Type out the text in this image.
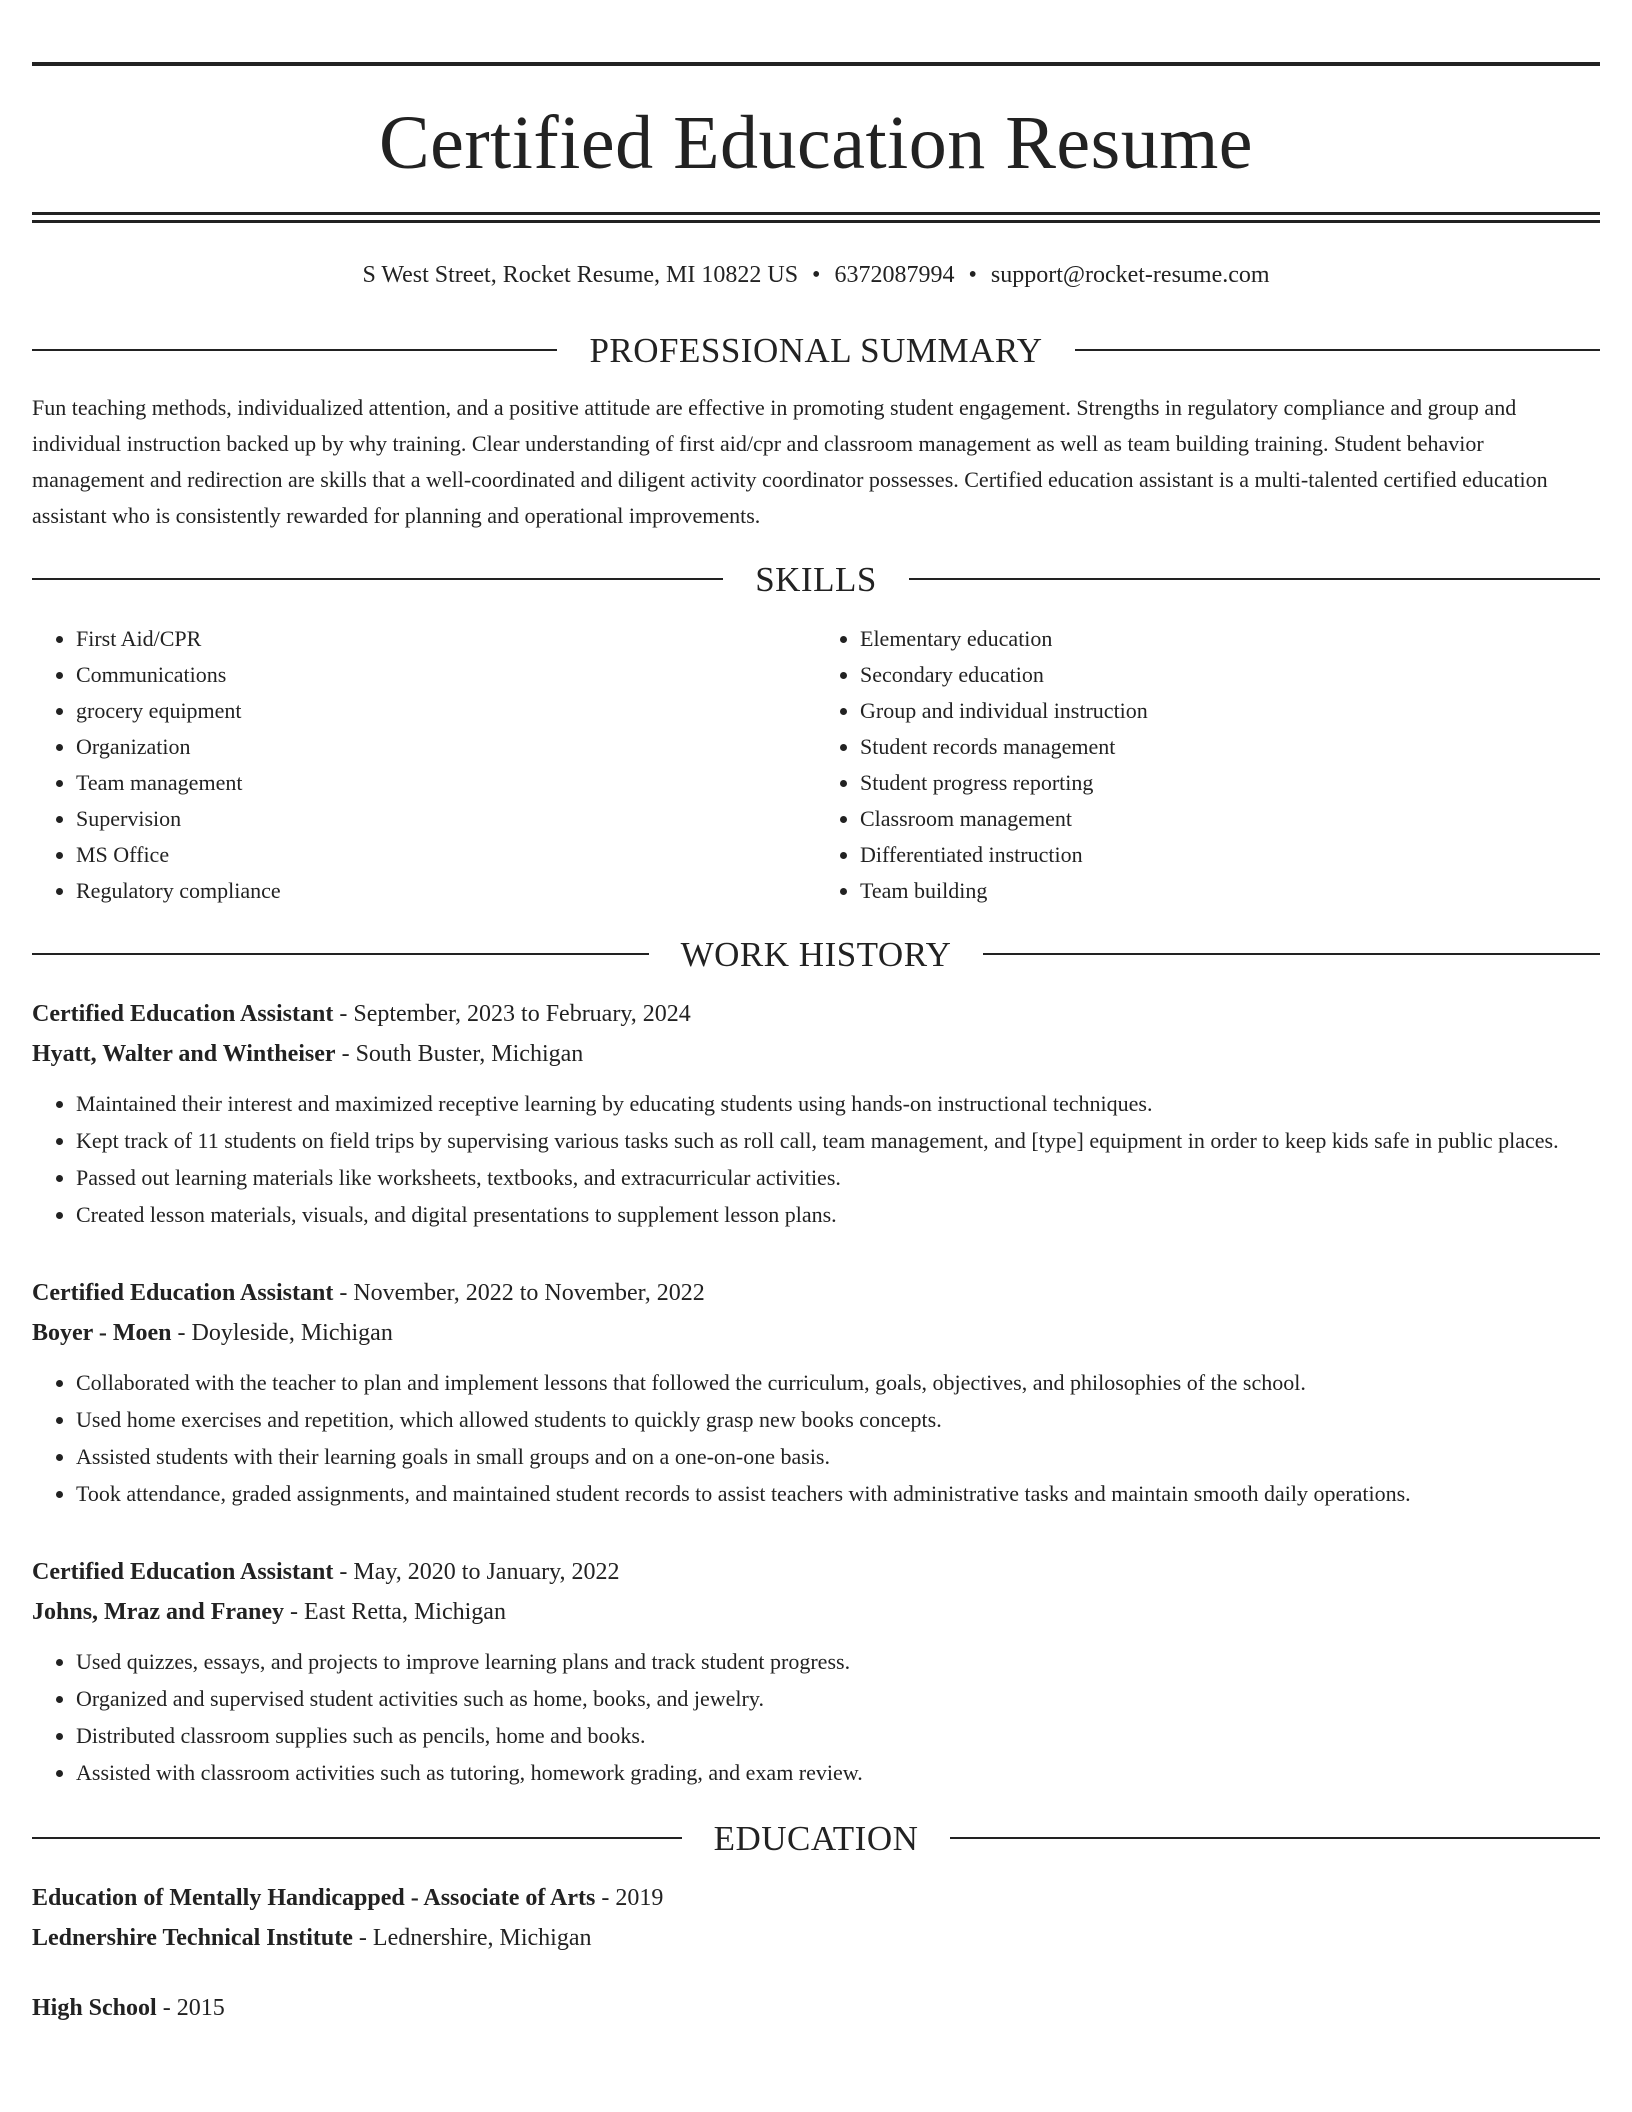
Certified Education Resume
S West Street, Rocket Resume, MI 10822 US • 6372087994 • support@rocket-resume.com
PROFESSIONAL SUMMARY

Fun teaching methods, individualized attention, and a positive attitude are effective in promoting student engagement. Strengths in regulatory compliance and group and individual instruction backed up by why training. Clear understanding of first aid/cpr and classroom management as well as team building training. Student behavior management and redirection are skills that a well-coordinated and diligent activity coordinator possesses. Certified education assistant is a multi-talented certified education assistant who is consistently rewarded for planning and operational improvements.

SKILLS
• First Aid/CPR
• Communications
• grocery equipment
• Organization
• Team management
• Supervision
• MS Office
• Regulatory compliance
• Elementary education
• Secondary education
• Group and individual instruction
• Student records management
• Student progress reporting
• Classroom management
• Differentiated instruction
• Team building
WORK HISTORY
Certified Education Assistant - September, 2023 to February, 2024
Hyatt, Walter and Wintheiser - South Buster, Michigan
• Maintained their interest and maximized receptive learning by educating students using hands-on instructional techniques.
• Kept track of 11 students on field trips by supervising various tasks such as roll call, team management, and [type] equipment in order to keep kids safe in public places.
• Passed out learning materials like worksheets, textbooks, and extracurricular activities.
• Created lesson materials, visuals, and digital presentations to supplement lesson plans.
Certified Education Assistant - November, 2022 to November, 2022
Boyer - Moen - Doyleside, Michigan
• Collaborated with the teacher to plan and implement lessons that followed the curriculum, goals, objectives, and philosophies of the school.
• Used home exercises and repetition, which allowed students to quickly grasp new books concepts.
• Assisted students with their learning goals in small groups and on a one-on-one basis.
• Took attendance, graded assignments, and maintained student records to assist teachers with administrative tasks and maintain smooth daily operations.
Certified Education Assistant - May, 2020 to January, 2022
Johns, Mraz and Franey - East Retta, Michigan
• Used quizzes, essays, and projects to improve learning plans and track student progress.
• Organized and supervised student activities such as home, books, and jewelry.
• Distributed classroom supplies such as pencils, home and books.
• Assisted with classroom activities such as tutoring, homework grading, and exam review.
EDUCATION
Education of Mentally Handicapped - Associate of Arts - 2019
Lednershire Technical Institute - Lednershire, Michigan
High School - 2015
